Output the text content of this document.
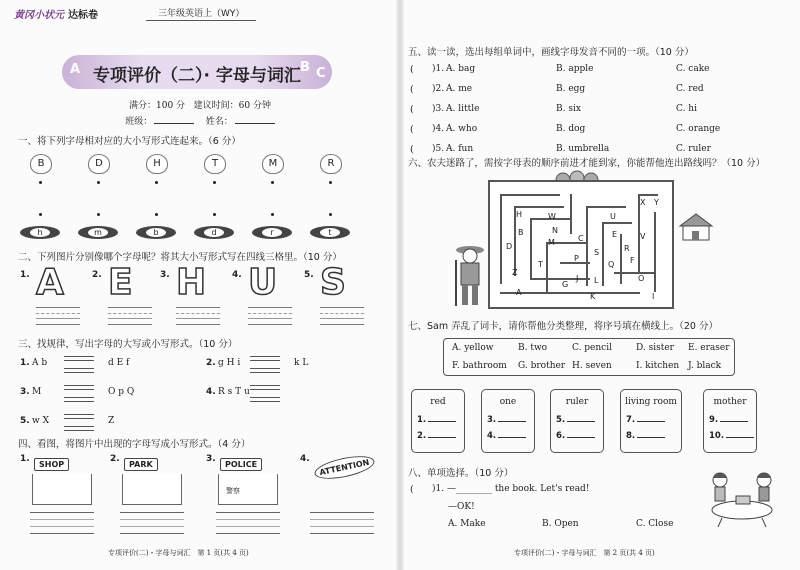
黄冈小状元 达标卷	三年级英语上（WY）
A	B C
专项评价（二）· 字母与词汇
满分：100 分 建议时间：60 分钟
班级：	姓名：
一、将下列字母相对应的大小写形式连起来。（6 分）
B	D	H	T	M	R
h	m	b	d	r	t
二、下列图片分别像哪个字母呢？将其大小写形式写在四线三格里。（10 分）
1. A	2. E	3. H	4. U	5. S
三、找规律，写出字母的大写或小写形式。（10 分）
1. A b	d E f	2. g H i	k L
3. M	O p Q	4. R s T u
5. w X	Z
四、看图，将图片中出现的字母写成小写形式。（4 分）
1.
SHOP
2.
PARK
3.
POLICE
警察
4.	ATTENTION
专项评价(二)・字母与词汇　第 1 页(共 4 页)
五、读一读，选出每组单词中，画线字母发音不同的一项。（10 分）
( )1. A. bag	B. apple	C. cake
( )2. A. me	B. egg	C. red
( )3. A. little	B. six	C. hi
( )4. A. who	B. dog	C. orange
( )5. A. fun	B. umbrella	C. ruler
六、农夫迷路了，需按字母表的顺序前进才能到家，你能帮他连出路线吗？（10 分）
H
X Y
B
W	U
D
N
T
Z
V
C
R
E
S
Q F
O
L
A
G
K
M
P
J
I
七、Sam 弄乱了词卡，请你帮他分类整理，将序号填在横线上。（20 分）
A. yellow	B. two	C. pencil	D. sister E. eraser
F. bathroom G. brother H. seven	I. kitchen J. black
red
1.
2.
one
3.
4.
ruler
5.
6.
living room
7.
8.
mother
9.
10.
八、单项选择。（10 分）
( )1. —________ the book. Let's read!
—OK!
A. Make	B. Open	C. Close
专项评价(二)・字母与词汇　第 2 页(共 4 页)
